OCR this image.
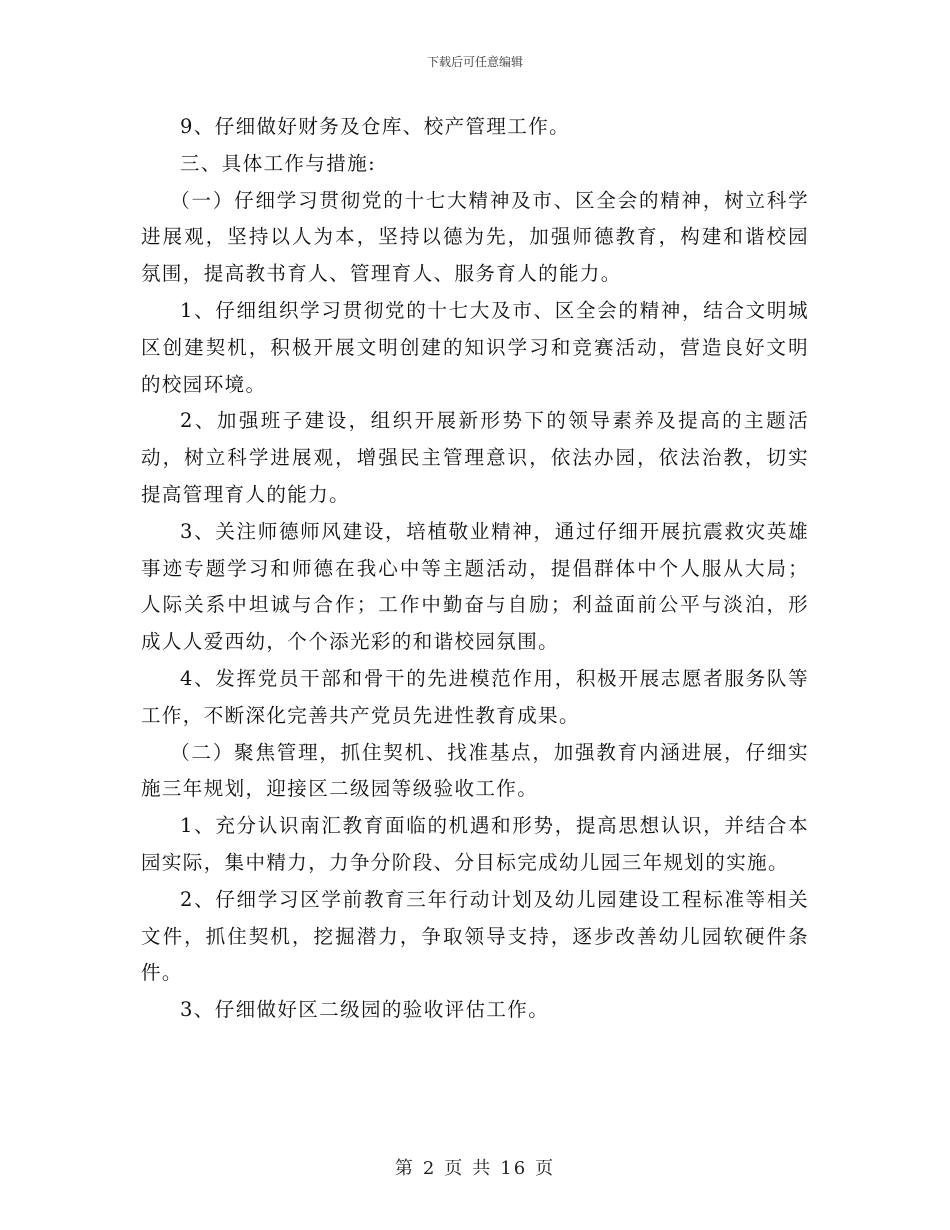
下载后可任意编辑

9、仔细做好财务及仓库、校产管理工作。

三、具体工作与措施:

（一）仔细学习贯彻党的十七大精神及市、区全会的精神，树立科学进展观，坚持以人为本，坚持以德为先，加强师德教育，构建和谐校园氛围，提高教书育人、管理育人、服务育人的能力。

1、仔细组织学习贯彻党的十七大及市、区全会的精神，结合文明城区创建契机，积极开展文明创建的知识学习和竞赛活动，营造良好文明的校园环境。

2、加强班子建设，组织开展新形势下的领导素养及提高的主题活动，树立科学进展观，增强民主管理意识，依法办园，依法治教，切实提高管理育人的能力。

3、关注师德师风建设，培植敬业精神，通过仔细开展抗震救灾英雄事迹专题学习和师德在我心中等主题活动，提倡群体中个人服从大局；人际关系中坦诚与合作；工作中勤奋与自励；利益面前公平与淡泊，形成人人爱西幼，个个添光彩的和谐校园氛围。

4、发挥党员干部和骨干的先进模范作用，积极开展志愿者服务队等工作，不断深化完善共产党员先进性教育成果。

（二）聚焦管理，抓住契机、找准基点，加强教育内涵进展，仔细实施三年规划，迎接区二级园等级验收工作。

1、充分认识南汇教育面临的机遇和形势，提高思想认识，并结合本园实际，集中精力，力争分阶段、分目标完成幼儿园三年规划的实施。

2、仔细学习区学前教育三年行动计划及幼儿园建设工程标准等相关文件，抓住契机，挖掘潜力，争取领导支持，逐步改善幼儿园软硬件条件。

3、仔细做好区二级园的验收评估工作。

第 2 页 共 16 页
